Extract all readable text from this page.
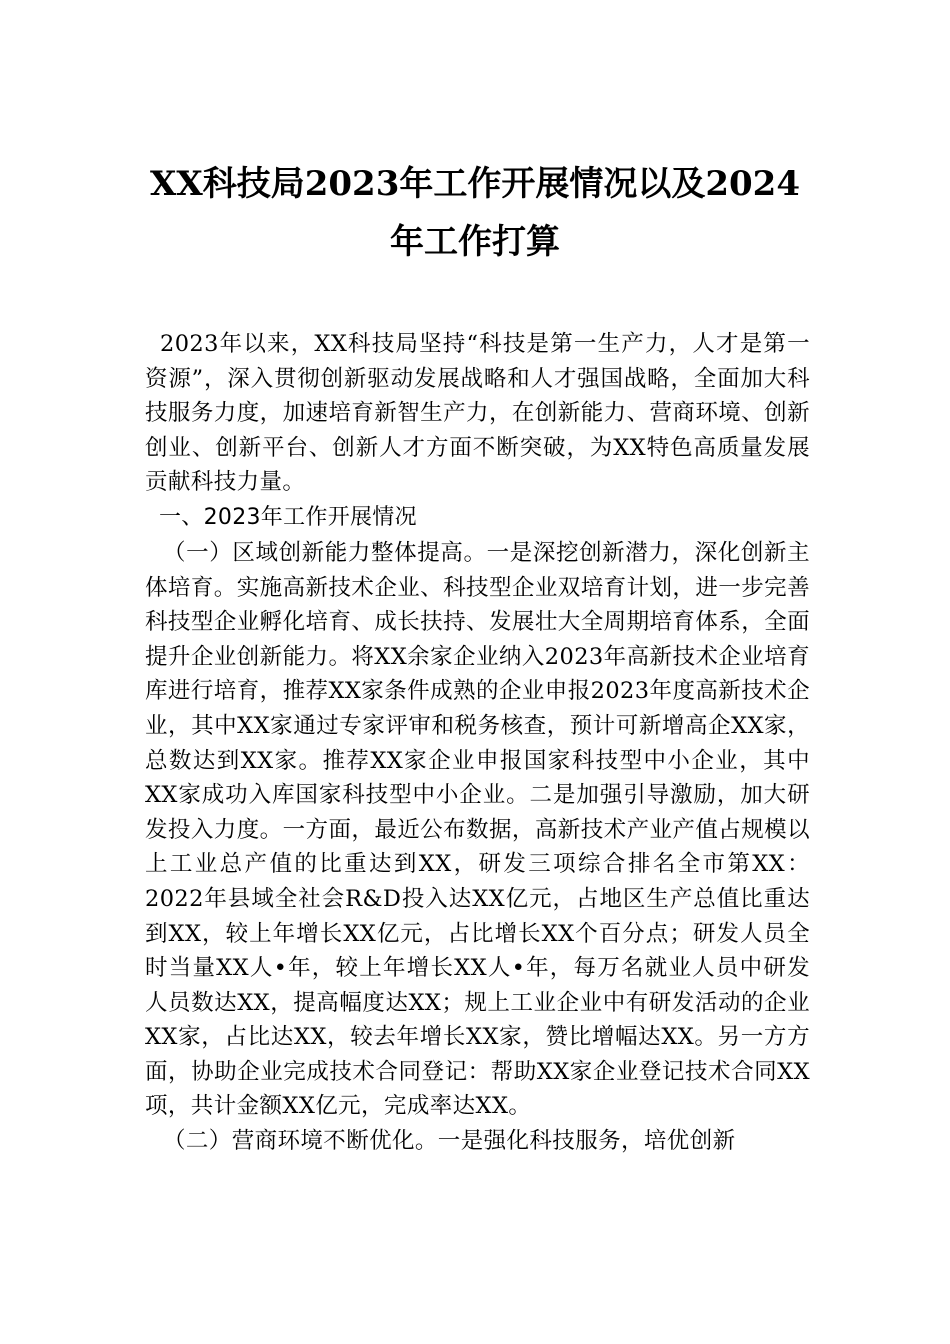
XX科技局2023年工作开展情况以及2024

年工作打算

2023年以来，XX科技局坚持“科技是第一生产力，人才是第一资源”，深入贯彻创新驱动发展战略和人才强国战略，全面加大科技服务力度，加速培育新智生产力，在创新能力、营商环境、创新创业、创新平台、创新人才方面不断突破，为XX特色高质量发展贡献科技力量。

一、2023年工作开展情况

（一）区域创新能力整体提高。一是深挖创新潜力，深化创新主体培育。实施高新技术企业、科技型企业双培育计划，进一步完善科技型企业孵化培育、成长扶持、发展壮大全周期培育体系，全面提升企业创新能力。将XX余家企业纳入2023年高新技术企业培育库进行培育，推荐XX家条件成熟的企业申报2023年度高新技术企业，其中XX家通过专家评审和税务核查，预计可新增高企XX家，总数达到XX家。推荐XX家企业申报国家科技型中小企业，其中XX家成功入库国家科技型中小企业。二是加强引导激励，加大研发投入力度。一方面，最近公布数据，高新技术产业产值占规模以上工业总产值的比重达到XX，研发三项综合排名全市第XX：2022年县域全社会R&D投入达XX亿元，占地区生产总值比重达到XX，较上年增长XX亿元，占比增长XX个百分点；研发人员全时当量XX人•年，较上年增长XX人•年，每万名就业人员中研发人员数达XX，提高幅度达XX；规上工业企业中有研发活动的企业XX家，占比达XX，较去年增长XX家，赞比增幅达XX。另一方方面，协助企业完成技术合同登记：帮助XX家企业登记技术合同XX项，共计金额XX亿元，完成率达XX。

（二）营商环境不断优化。一是强化科技服务，培优创新
